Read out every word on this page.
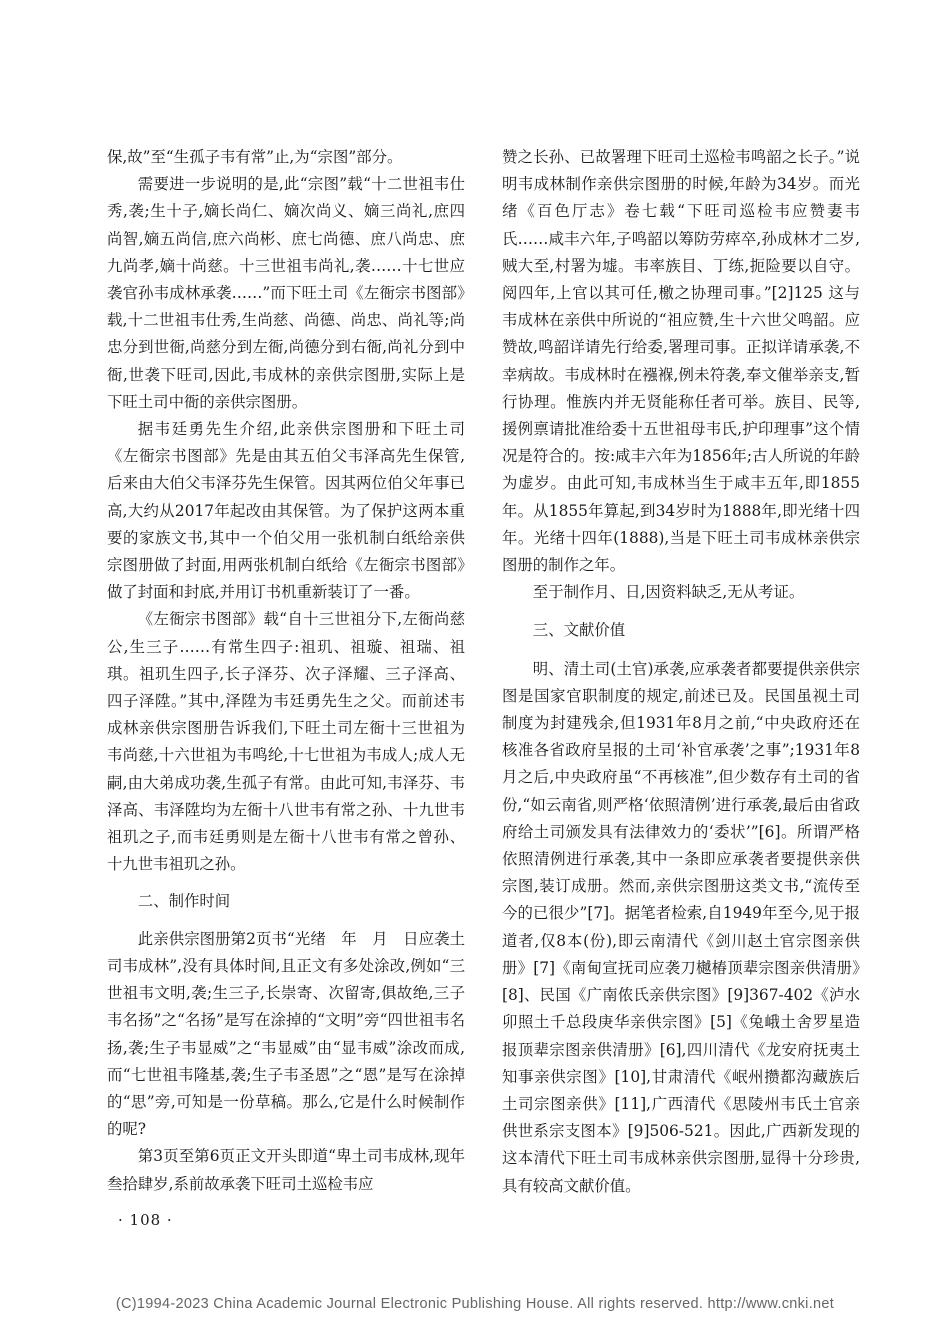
保,故”至“生孤子韦有常”止,为“宗图”部分。

需要进一步说明的是,此“宗图”载“十二世祖韦仕秀,袭;生十子,嫡长尚仁、嫡次尚义、嫡三尚礼,庶四尚智,嫡五尚信,庶六尚彬、庶七尚德、庶八尚忠、庶九尚孝,嫡十尚慈。十三世祖韦尚礼,袭……十七世应袭官孙韦成林承袭……”而下旺土司《左衙宗书图部》载,十二世祖韦仕秀,生尚慈、尚德、尚忠、尚礼等;尚忠分到世衙,尚慈分到左衙,尚德分到右衙,尚礼分到中衙,世袭下旺司,因此,韦成林的亲供宗图册,实际上是下旺土司中衙的亲供宗图册。

据韦廷勇先生介绍,此亲供宗图册和下旺土司《左衙宗书图部》先是由其五伯父韦泽高先生保管,后来由大伯父韦泽芬先生保管。因其两位伯父年事已高,大约从2017年起改由其保管。为了保护这两本重要的家族文书,其中一个伯父用一张机制白纸给亲供宗图册做了封面,用两张机制白纸给《左衙宗书图部》做了封面和封底,并用订书机重新装订了一番。

《左衙宗书图部》载“自十三世祖分下,左衙尚慈公,生三子……有常生四子:祖玑、祖璇、祖瑞、祖琪。祖玑生四子,长子泽芬、次子泽耀、三子泽高、四子泽陞。”其中,泽陞为韦廷勇先生之父。而前述韦成林亲供宗图册告诉我们,下旺土司左衙十三世祖为韦尚慈,十六世祖为韦鸣纶,十七世祖为韦成人;成人无嗣,由大弟成功袭,生孤子有常。由此可知,韦泽芬、韦泽高、韦泽陞均为左衙十八世韦有常之孙、十九世韦祖玑之子,而韦廷勇则是左衙十八世韦有常之曾孙、十九世韦祖玑之孙。

二、制作时间

此亲供宗图册第2页书“光绪　年　月　日应袭土司韦成林”,没有具体时间,且正文有多处涂改,例如“三世祖韦文明,袭;生三子,长崇寄、次留寄,俱故绝,三子韦名扬”之“名扬”是写在涂掉的“文明”旁“四世祖韦名扬,袭;生子韦显威”之“韦显威”由“显韦威”涂改而成,而“七世祖韦隆基,袭;生子韦圣恩”之“恩”是写在涂掉的“思”旁,可知是一份草稿。那么,它是什么时候制作的呢?

第3页至第6页正文开头即道“卑土司韦成林,现年叁拾肆岁,系前故承袭下旺司土巡检韦应

赞之长孙、已故署理下旺司土巡检韦鸣韶之长子。”说明韦成林制作亲供宗图册的时候,年龄为34岁。而光绪《百色厅志》卷七载“下旺司巡检韦应赞妻韦氏……咸丰六年,子鸣韶以筹防劳瘁卒,孙成林才二岁,贼大至,村署为墟。韦率族目、丁练,扼险要以自守。阅四年,上官以其可任,檄之协理司事。”[2]125 这与韦成林在亲供中所说的“祖应赞,生十六世父鸣韶。应赞故,鸣韶详请先行给委,署理司事。正拟详请承袭,不幸病故。韦成林时在襁褓,例未符袭,奉文催举亲支,暂行协理。惟族内并无贤能称任者可举。族目、民等,援例禀请批准给委十五世祖母韦氏,护印理事”这个情况是符合的。按:咸丰六年为1856年;古人所说的年龄为虚岁。由此可知,韦成林当生于咸丰五年,即1855年。从1855年算起,到34岁时为1888年,即光绪十四年。光绪十四年(1888),当是下旺土司韦成林亲供宗图册的制作之年。

至于制作月、日,因资料缺乏,无从考证。

三、文献价值

明、清土司(土官)承袭,应承袭者都要提供亲供宗图是国家官职制度的规定,前述已及。民国虽视土司制度为封建残余,但1931年8月之前,“中央政府还在核准各省政府呈报的土司‘补官承袭’之事”;1931年8月之后,中央政府虽“不再核准”,但少数存有土司的省份,“如云南省,则严格‘依照清例’进行承袭,最后由省政府给土司颁发具有法律效力的‘委状’”[6]。所谓严格依照清例进行承袭,其中一条即应承袭者要提供亲供宗图,装订成册。然而,亲供宗图册这类文书,“流传至今的已很少”[7]。据笔者检索,自1949年至今,见于报道者,仅8本(份),即云南清代《剑川赵土官宗图亲供册》[7]《南甸宣抚司应袭刀樾椿顶辈宗图亲供清册》[8]、民国《广南侬氏亲供宗图》[9]367-402《泸水卯照土千总段庚华亲供宗图》[5]《兔峨土舍罗星造报顶辈宗图亲供清册》[6],四川清代《龙安府抚夷土知事亲供宗图》[10],甘肃清代《岷州攒都沟藏族后土司宗图亲供》[11],广西清代《思陵州韦氏土官亲供世系宗支图本》[9]506-521。因此,广西新发现的这本清代下旺土司韦成林亲供宗图册,显得十分珍贵,具有较高文献价值。

· 108 ·
(C)1994-2023 China Academic Journal Electronic Publishing House. All rights reserved. http://www.cnki.net
